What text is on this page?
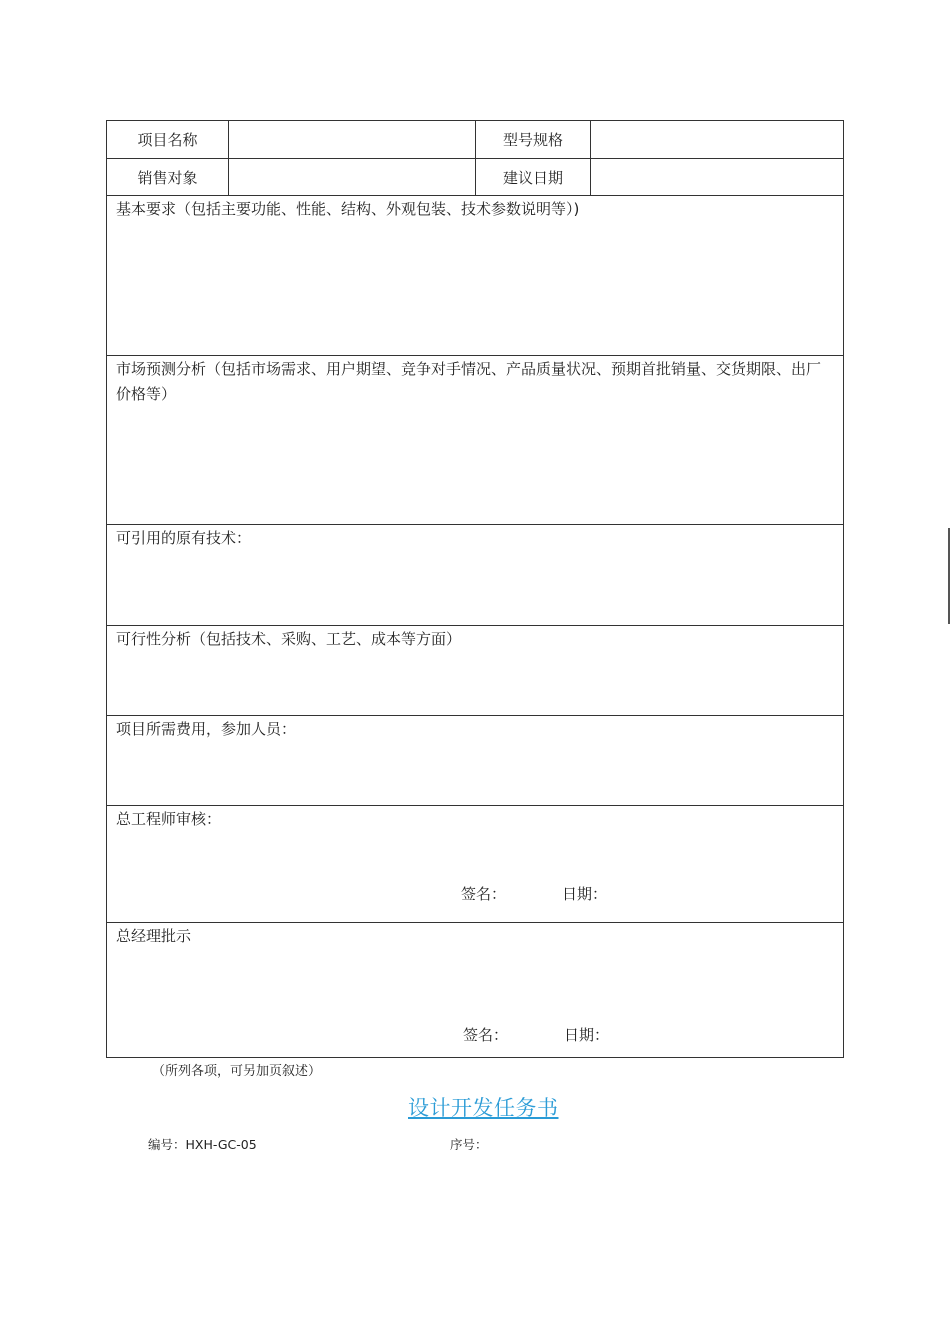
项目名称	型号规格
销售对象	建议日期
基本要求（包括主要功能、性能、结构、外观包装、技术参数说明等）)
市场预测分析（包括市场需求、用户期望、竞争对手情况、产品质量状况、预期首批销量、交货期限、出厂价格等）
可引用的原有技术：
可行性分析（包括技术、采购、工艺、成本等方面）
项目所需费用，参加人员：
总工程师审核：
签名：	日期：
总经理批示
签名：	日期：
（所列各项，可另加页叙述）
设计开发任务书
编号：HXH-GC-05	序号：
